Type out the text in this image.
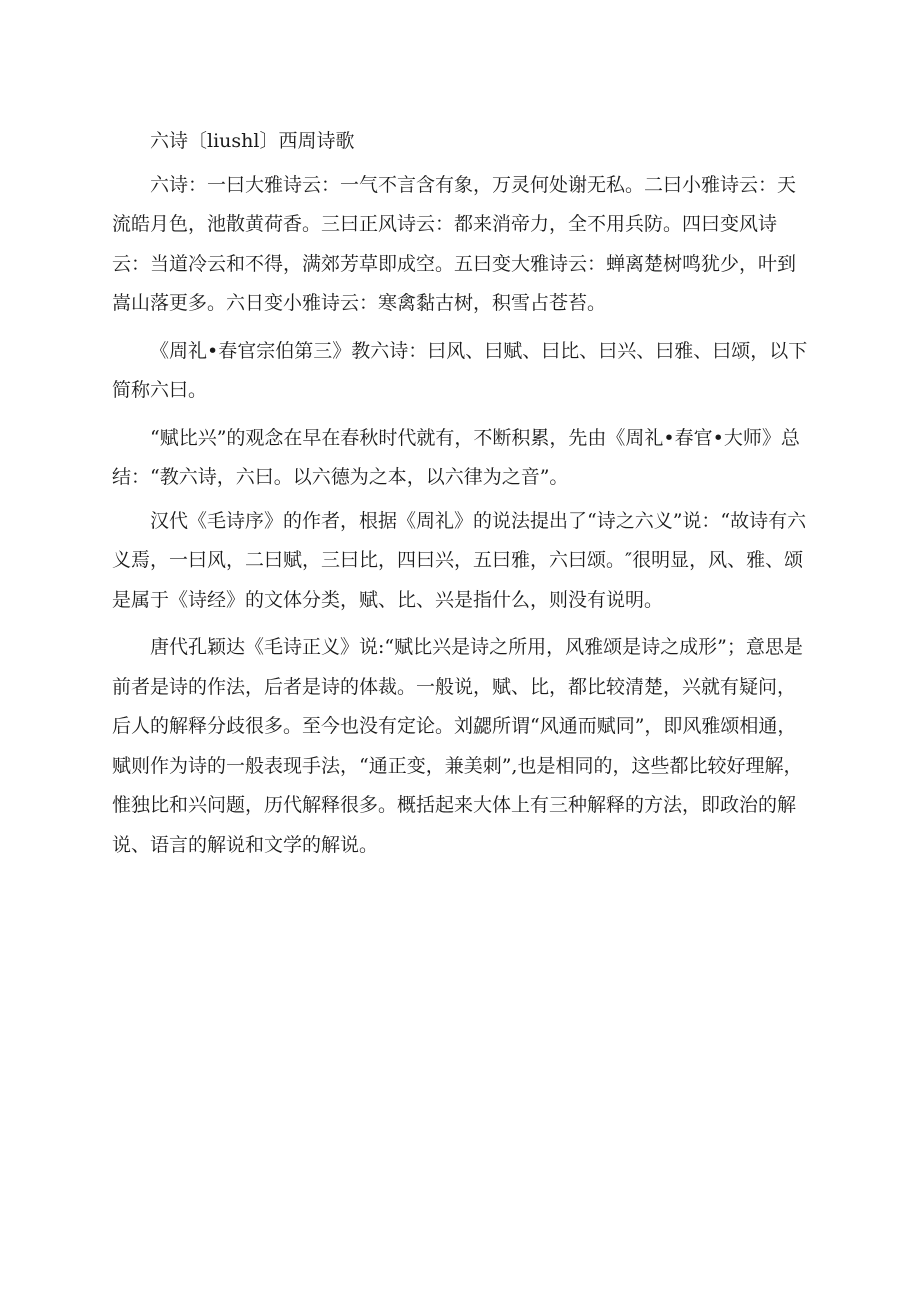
六诗〔liushl〕西周诗歌

六诗：一曰大雅诗云：一气不言含有象，万灵何处谢无私。二曰小雅诗云：天流皓月色，池散黄荷香。三曰正风诗云：都来消帝力，全不用兵防。四曰变风诗云：当道冷云和不得，满郊芳草即成空。五曰变大雅诗云：蝉离楚树鸣犹少，叶到嵩山落更多。六日变小雅诗云：寒禽黏古树，积雪占苍苔。

《周礼•春官宗伯第三》教六诗：曰风、曰赋、曰比、曰兴、曰雅、曰颂，以下简称六曰。

“赋比兴”的观念在早在春秋时代就有，不断积累，先由《周礼•春官•大师》总结：“教六诗，六曰。以六德为之本，以六律为之音”。

汉代《毛诗序》的作者，根据《周礼》的说法提出了“诗之六义”说：“故诗有六义焉，一曰风，二曰赋，三曰比，四曰兴，五曰雅，六曰颂。″很明显，风、雅、颂是属于《诗经》的文体分类，赋、比、兴是指什么，则没有说明。

唐代孔颖达《毛诗正义》说:“赋比兴是诗之所用，风雅颂是诗之成形”；意思是前者是诗的作法，后者是诗的体裁。一般说，赋、比，都比较清楚，兴就有疑问，后人的解释分歧很多。至今也没有定论。刘勰所谓“风通而赋同”，即风雅颂相通，赋则作为诗的一般表现手法，“通正变，兼美刺”,也是相同的，这些都比较好理解，惟独比和兴问题，历代解释很多。概括起来大体上有三种解释的方法，即政治的解说、语言的解说和文学的解说。
